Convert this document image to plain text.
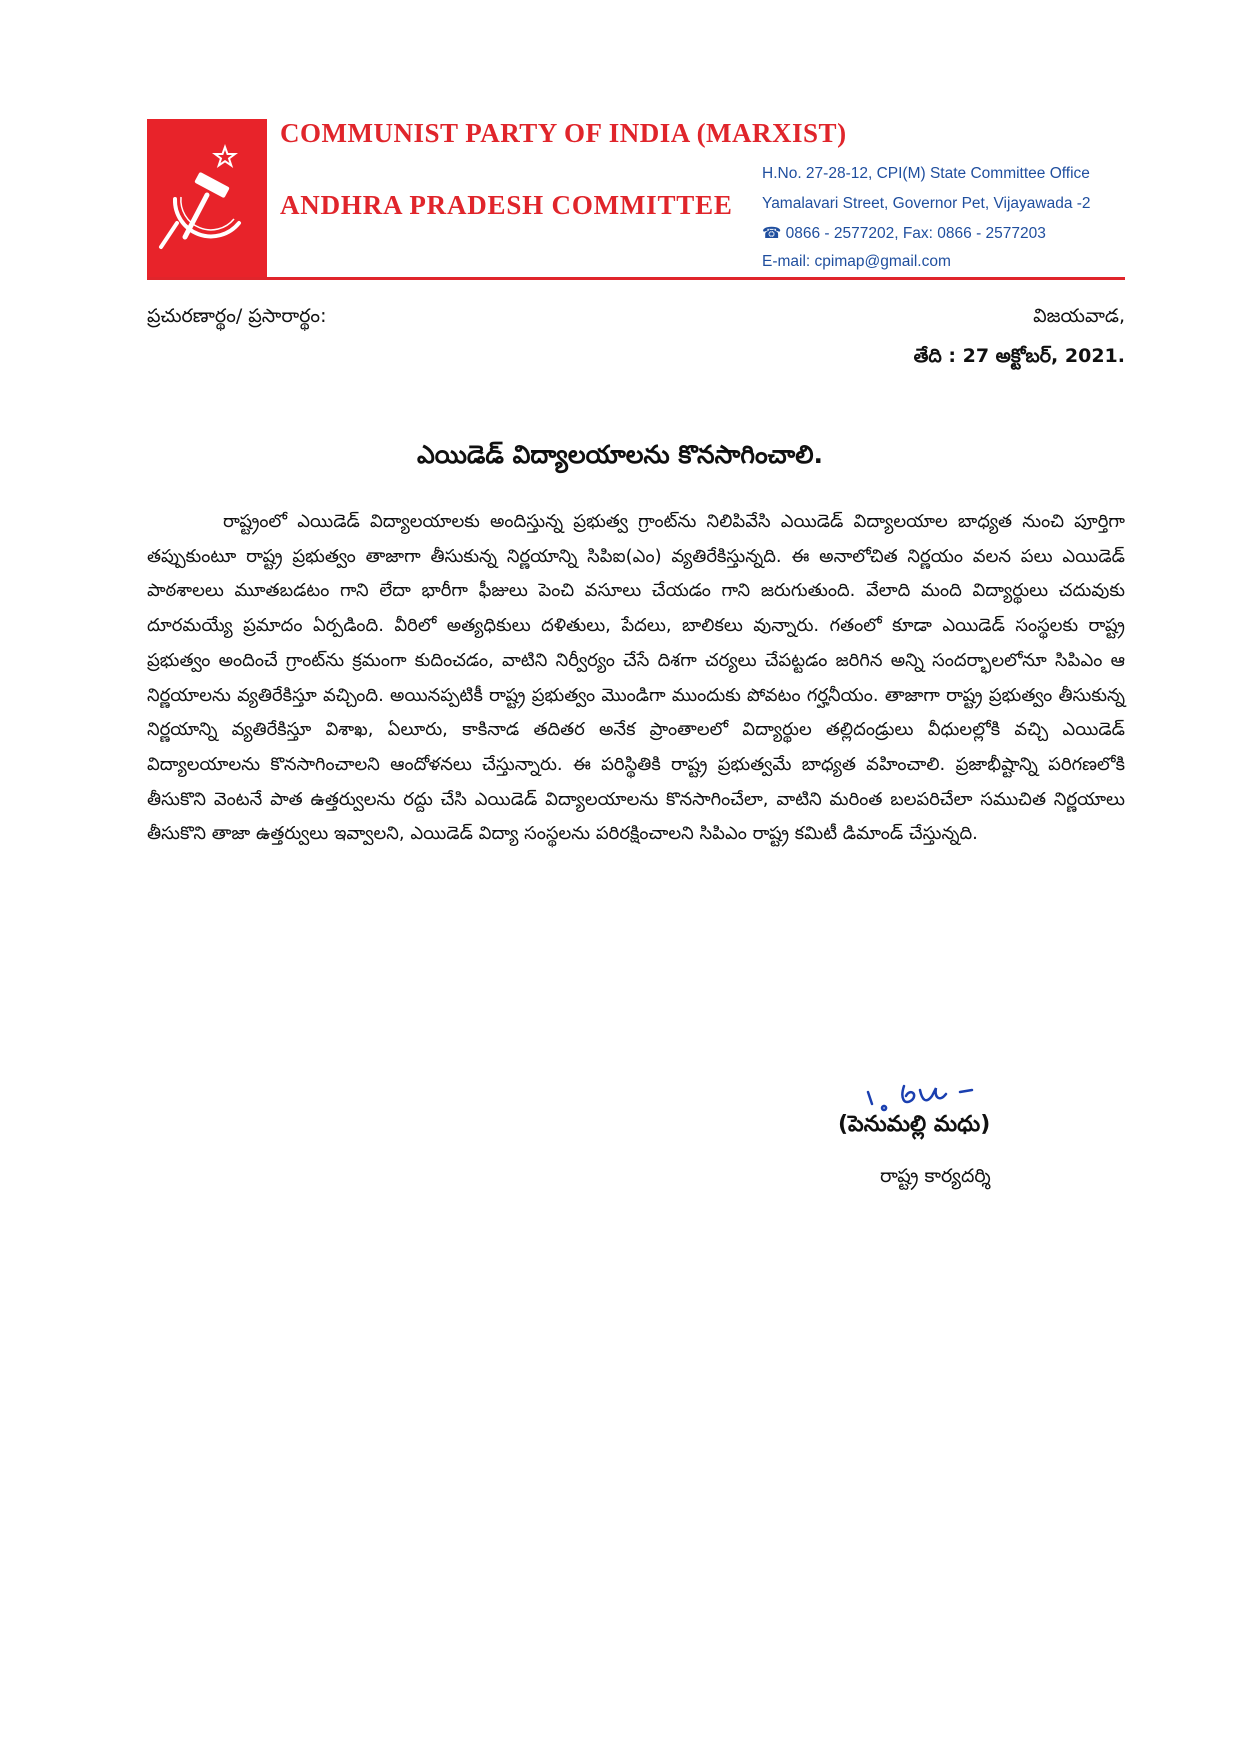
COMMUNIST PARTY OF INDIA (MARXIST)
ANDHRA PRADESH COMMITTEE
H.No. 27-28-12, CPI(M) State Committee Office
Yamalavari Street, Governor Pet, Vijayawada -2
☎ 0866 - 2577202, Fax: 0866 - 2577203
E-mail: cpimap@gmail.com
ప్రచురణార్థం/ ప్రసారార్థం:	విజయవాడ,
తేది : 27 అక్టోబర్, 2021.
ఎయిడెడ్ విద్యాలయాలను కొనసాగించాలి.
రాష్ట్రంలో ఎయిడెడ్ విద్యాలయాలకు అందిస్తున్న ప్రభుత్వ గ్రాంట్‌ను నిలిపివేసి ఎయిడెడ్ విద్యాలయాల బాధ్యత నుంచి పూర్తిగా తప్పుకుంటూ రాష్ట్ర ప్రభుత్వం తాజాగా తీసుకున్న నిర్ణయాన్ని సిపిఐ(ఎం) వ్యతిరేకిస్తున్నది. ఈ అనాలోచిత నిర్ణయం వలన పలు ఎయిడెడ్ పాఠశాలలు మూతబడటం గాని లేదా భారీగా ఫీజులు పెంచి వసూలు చేయడం గాని జరుగుతుంది. వేలాది మంది విద్యార్థులు చదువుకు దూరమయ్యే ప్రమాదం ఏర్పడింది. వీరిలో అత్యధికులు దళితులు, పేదలు, బాలికలు వున్నారు. గతంలో కూడా ఎయిడెడ్ సంస్థలకు రాష్ట్ర ప్రభుత్వం అందించే గ్రాంట్‌ను క్రమంగా కుదించడం, వాటిని నిర్వీర్యం చేసే దిశగా చర్యలు చేపట్టడం జరిగిన అన్ని సందర్భాలలోనూ సిపిఎం ఆ నిర్ణయాలను వ్యతిరేకిస్తూ వచ్చింది. అయినప్పటికీ రాష్ట్ర ప్రభుత్వం మొండిగా ముందుకు పోవటం గర్హనీయం. తాజాగా రాష్ట్ర ప్రభుత్వం తీసుకున్న నిర్ణయాన్ని వ్యతిరేకిస్తూ విశాఖ, ఏలూరు, కాకినాడ తదితర అనేక ప్రాంతాలలో విద్యార్థుల తల్లిదండ్రులు వీధులల్లోకి వచ్చి ఎయిడెడ్ విద్యాలయాలను కొనసాగించాలని ఆందోళనలు చేస్తున్నారు. ఈ పరిస్థితికి రాష్ట్ర ప్రభుత్వమే బాధ్యత వహించాలి. ప్రజాభీష్టాన్ని పరిగణలోకి తీసుకొని వెంటనే పాత ఉత్తర్వులను రద్దు చేసి ఎయిడెడ్ విద్యాలయాలను కొనసాగించేలా, వాటిని మరింత బలపరిచేలా సముచిత నిర్ణయాలు తీసుకొని తాజా ఉత్తర్వులు ఇవ్వాలని, ఎయిడెడ్ విద్యా సంస్థలను పరిరక్షించాలని సిపిఎం రాష్ట్ర కమిటీ డిమాండ్ చేస్తున్నది.
(పెనుమల్లి మధు)
రాష్ట్ర కార్యదర్శి
